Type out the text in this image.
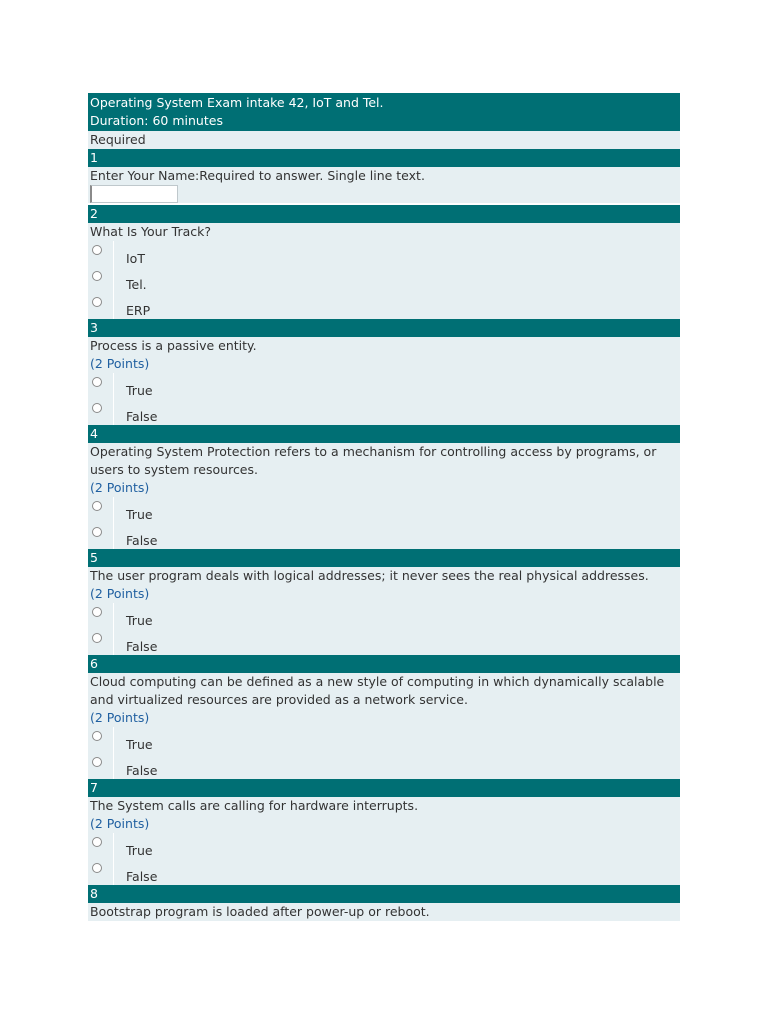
Operating System Exam intake 42, IoT and Tel.
Duration: 60 minutes
Required
1
Enter Your Name:Required to answer. Single line text.
2
What Is Your Track?
IoT
Tel.
ERP
3
Process is a passive entity.
(2 Points)
True
False
4
Operating System Protection refers to a mechanism for controlling access by programs, or users to system resources.
(2 Points)
True
False
5
The user program deals with logical addresses; it never sees the real physical addresses.
(2 Points)
True
False
6
Cloud computing can be defined as a new style of computing in which dynamically scalable and virtualized resources are provided as a network service.
(2 Points)
True
False
7
The System calls are calling for hardware interrupts.
(2 Points)
True
False
8
Bootstrap program is loaded after power-up or reboot.
